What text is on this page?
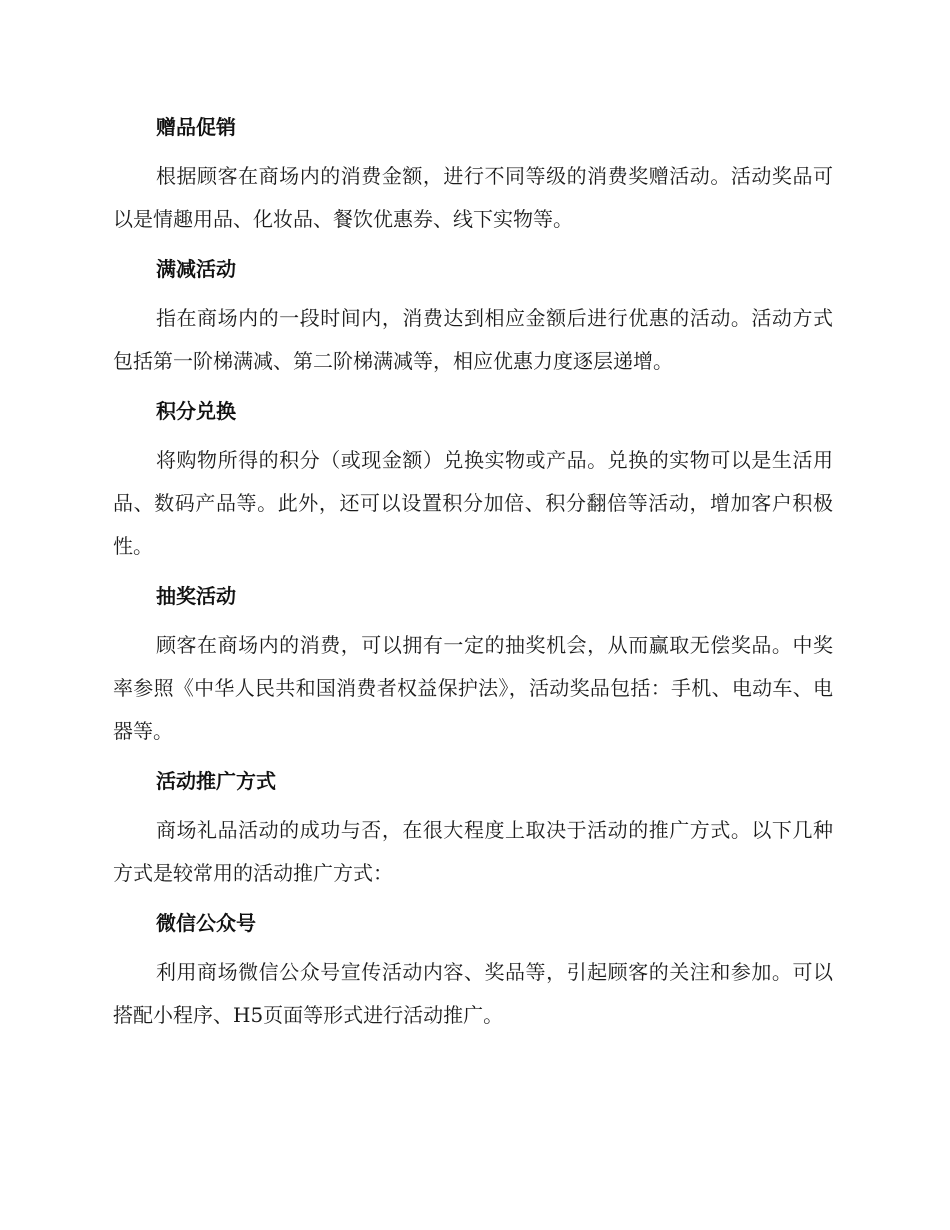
赠品促销

根据顾客在商场内的消费金额，进行不同等级的消费奖赠活动。活动奖品可以是情趣用品、化妆品、餐饮优惠券、线下实物等。

满减活动

指在商场内的一段时间内，消费达到相应金额后进行优惠的活动。活动方式包括第一阶梯满减、第二阶梯满减等，相应优惠力度逐层递增。

积分兑换

将购物所得的积分（或现金额）兑换实物或产品。兑换的实物可以是生活用品、数码产品等。此外，还可以设置积分加倍、积分翻倍等活动，增加客户积极性。

抽奖活动

顾客在商场内的消费，可以拥有一定的抽奖机会，从而赢取无偿奖品。中奖率参照《中华人民共和国消费者权益保护法》，活动奖品包括：手机、电动车、电器等。

活动推广方式

商场礼品活动的成功与否，在很大程度上取决于活动的推广方式。以下几种方式是较常用的活动推广方式：

微信公众号

利用商场微信公众号宣传活动内容、奖品等，引起顾客的关注和参加。可以搭配小程序、H5页面等形式进行活动推广。
